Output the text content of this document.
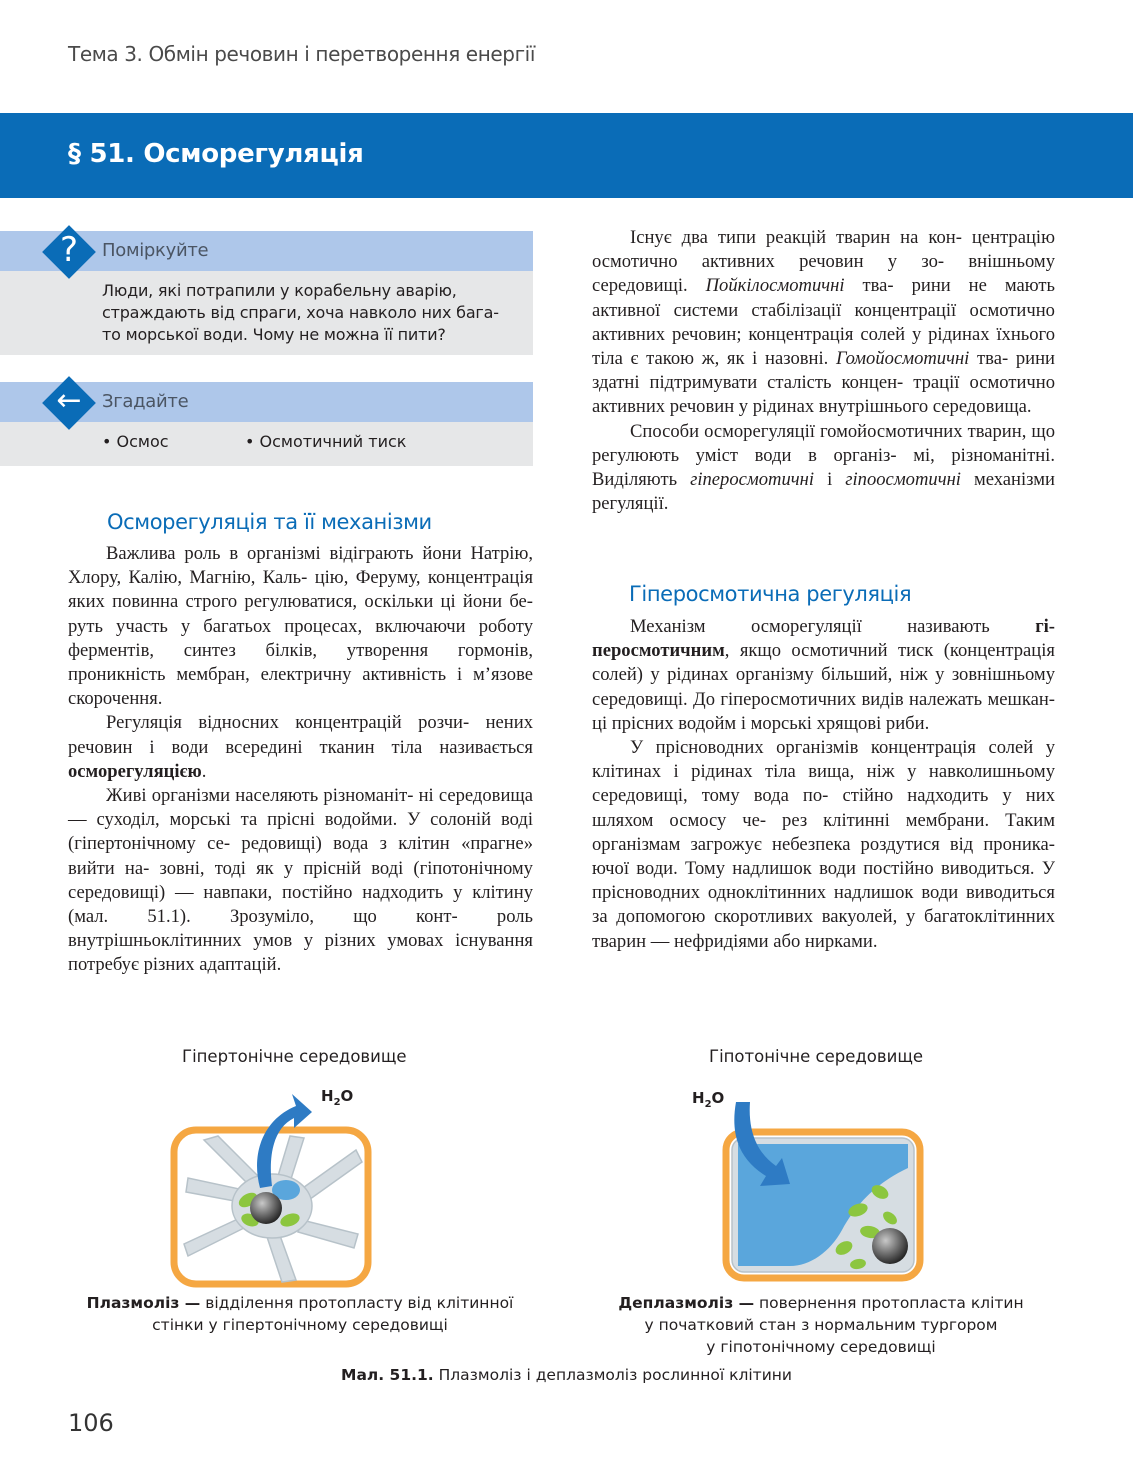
Тема 3. Обмін речовин і перетворення енергії
§ 51. Осморегуляція
?	Поміркуйте
Люди, які потрапили у корабельну аварію,
страждають від спраги, хоча навколо них бага-
то морської води. Чому не можна її пити?
←	Згадайте
• Осмос	• Осмотичний тиск
Осморегуляція та її механізми

Важлива роль в організмі відіграють йони Натрію, Хлору, Калію, Магнію, Каль- цію, Феруму, концентрація яких повинна строго регулюватися, оскільки ці йони бе- руть участь у багатьох процесах, включаючи роботу ферментів, синтез білків, утворення гормонів, проникність мембран, електричну активність і м’язове скорочення.

Регуляція відносних концентрацій розчи- нених речовин і води всередині тканин тіла називається осморегуляцією.

Живі організми населяють різноманіт- ні середовища — суходіл, морські та прісні водойми. У солоній воді (гіпертонічному се- редовищі) вода з клітин «прагне» вийти на- зовні, тоді як у прісній воді (гіпотонічному середовищі) — навпаки, постійно надходить у клітину (мал. 51.1). Зрозуміло, що конт- роль внутрішньоклітинних умов у різних умовах існування потребує різних адаптацій.

Існує два типи реакцій тварин на кон- центрацію осмотично активних речовин у зо- внішньому середовищі. Пойкілосмотичні тва- рини не мають активної системи стабілізації концентрації осмотично активних речовин; концентрація солей у рідинах їхнього тіла є такою ж, як і назовні. Гомойосмотичні тва- рини здатні підтримувати сталість концен- трації осмотично активних речовин у рідинах внутрішнього середовища.

Способи осморегуляції гомойосмотичних тварин, що регулюють уміст води в організ- мі, різноманітні. Виділяють гіперосмотичні і гіпоосмотичні механізми регуляції.

Гіперосмотична регуляція

Механізм осморегуляції називають гі-перосмотичним, якщо осмотичний тиск (концентрація солей) у рідинах організму більший, ніж у зовнішньому середовищі. До гіперосмотичних видів належать мешкан- ці прісних водойм і морські хрящові риби.

У прісноводних організмів концентрація солей у клітинах і рідинах тіла вища, ніж у навколишньому середовищі, тому вода по- стійно надходить у них шляхом осмосу че- рез клітинні мембрани. Таким організмам загрожує небезпека роздутися від проника- ючої води. Тому надлишок води постійно виводиться. У прісноводних одноклітинних надлишок води виводиться за допомогою скоротливих вакуолей, у багатоклітинних тварин — нефридіями або нирками.

Гіпертонічне середовище	Гіпотонічне середовище
$H_2O$	$H_2O$
Плазмоліз — відділення протопласту від клітинної
стінки у гіпертонічному середовищі
Деплазмоліз — повернення протопласта клітин
у початковий стан з нормальним тургором
у гіпотонічному середовищі
Мал. 51.1. Плазмоліз і деплазмоліз рослинної клітини
106
